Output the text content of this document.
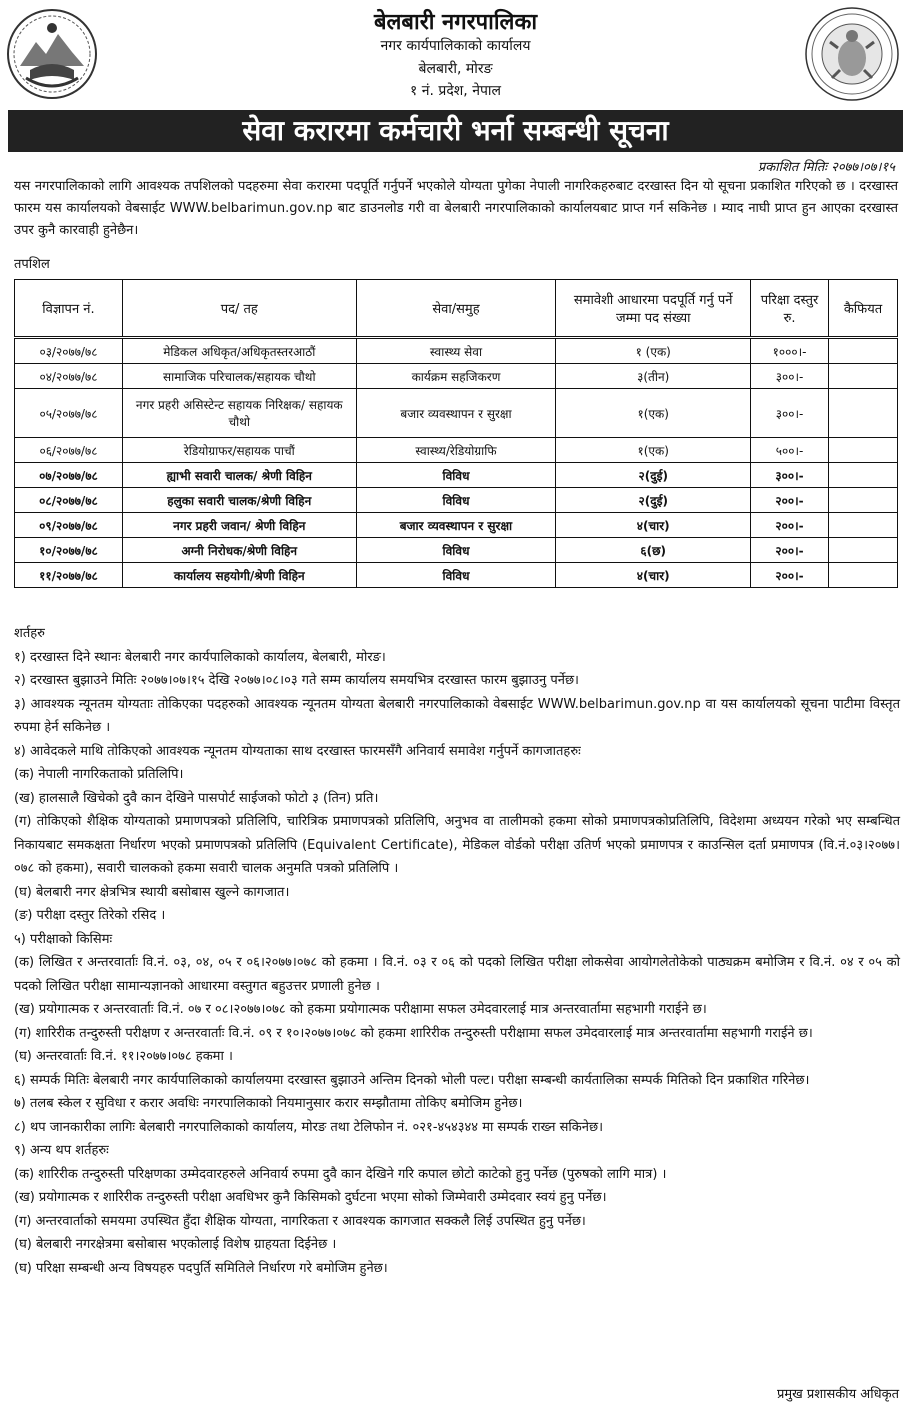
बेलबारी नगरपालिका
नगर कार्यपालिकाको कार्यालय
बेलबारी, मोरङ
१ नं. प्रदेश, नेपाल
सेवा करारमा कर्मचारी भर्ना सम्बन्धी सूचना
प्रकाशित मितिः २०७७।०७।१५
यस नगरपालिकाको लागि आवश्यक तपशिलको पदहरुमा सेवा करारमा पदपूर्ति गर्नुपर्ने भएकोले योग्यता पुगेका नेपाली नागरिकहरुबाट दरखास्त दिन यो सूचना प्रकाशित गरिएको छ । दरखास्त फारम यस कार्यालयको वेबसाईट WWW.belbarimun.gov.np बाट डाउनलोड गरी वा बेलबारी नगरपालिकाको कार्यालयबाट प्राप्त गर्न सकिनेछ । म्याद नाघी प्राप्त हुन आएका दरखास्त उपर कुनै कारवाही हुनेछैन।
तपशिल
विज्ञापन नं.	पद/ तह	सेवा/समुह	समावेशी आधारमा पदपूर्ति गर्नु पर्ने जम्मा पद संख्या	परिक्षा दस्तुर रु.	कैफियत
०३/२०७७/७८	मेडिकल अधिकृत/अधिकृतस्तरआठौं	स्वास्थ्य सेवा	१ (एक)	१०००।-	
०४/२०७७/७८	सामाजिक परिचालक/सहायक चौथो	कार्यक्रम सहजिकरण	३(तीन)	३००।-	
०५/२०७७/७८	नगर प्रहरी असिस्टेन्ट सहायक निरिक्षक/ सहायक चौथो	बजार व्यवस्थापन र सुरक्षा	१(एक)	३००।-	
०६/२०७७/७८	रेडियोग्राफर/सहायक पाचौं	स्वास्थ्य/रेडियोग्राफि	१(एक)	५००।-	
०७/२०७७/७८	ह्याभी सवारी चालक/ श्रेणी विहिन	विविध	२(दुई)	३००।-	
०८/२०७७/७८	हलुका सवारी चालक/श्रेणी विहिन	विविध	२(दुई)	२००।-	
०९/२०७७/७८	नगर प्रहरी जवान/ श्रेणी विहिन	बजार व्यवस्थापन र सुरक्षा	४(चार)	२००।-	
१०/२०७७/७८	अग्नी निरोधक/श्रेणी विहिन	विविध	६(छ)	२००।-	
११/२०७७/७८	कार्यालय सहयोगी/श्रेणी विहिन	विविध	४(चार)	२००।-	

शर्तहरु

१) दरखास्त दिने स्थानः बेलबारी नगर कार्यपालिकाको कार्यालय, बेलबारी, मोरङ।

२) दरखास्त बुझाउने मितिः २०७७।०७।१५ देखि २०७७।०८।०३ गते सम्म कार्यालय समयभित्र दरखास्त फारम बुझाउनु पर्नेछ।

३) आवश्यक न्यूनतम योग्यताः तोकिएका पदहरुको आवश्यक न्यूनतम योग्यता बेलबारी नगरपालिकाको वेबसाईट WWW.belbarimun.gov.np वा यस कार्यालयको सूचना पाटीमा विस्तृत रुपमा हेर्न सकिनेछ ।

४) आवेदकले माथि तोकिएको आवश्यक न्यूनतम योग्यताका साथ दरखास्त फारमसँगै अनिवार्य समावेश गर्नुपर्ने कागजातहरुः

(क) नेपाली नागरिकताको प्रतिलिपि।

(ख) हालसालै खिचेको दुवै कान देखिने पासपोर्ट साईजको फोटो ३ (तिन) प्रति।

(ग) तोकिएको शैक्षिक योग्यताको प्रमाणपत्रको प्रतिलिपि, चारित्रिक प्रमाणपत्रको प्रतिलिपि, अनुभव वा तालीमको हकमा सोको प्रमाणपत्रकोप्रतिलिपि, विदेशमा अध्ययन गरेको भए सम्बन्धित निकायबाट समकक्षता निर्धारण भएको प्रमाणपत्रको प्रतिलिपि (Equivalent Certificate), मेडिकल वोर्डको परीक्षा उतिर्ण भएको प्रमाणपत्र र काउन्सिल दर्ता प्रमाणपत्र (वि.नं.०३।२०७७।०७८ को हकमा), सवारी चालकको हकमा सवारी चालक अनुमति पत्रको प्रतिलिपि ।

(घ) बेलबारी नगर क्षेत्रभित्र स्थायी बसोबास खुल्ने कागजात।

(ङ) परीक्षा दस्तुर तिरेको रसिद ।

५) परीक्षाको किसिमः

(क) लिखित र अन्तरवार्ताः वि.नं. ०३, ०४, ०५ र ०६।२०७७।०७८ को हकमा । वि.नं. ०३ र ०६ को पदको लिखित परीक्षा लोकसेवा आयोगलेतोकेको पाठ्यक्रम बमोजिम र वि.नं. ०४ र ०५ को पदको लिखित परीक्षा सामान्यज्ञानको आधारमा वस्तुगत बहुउत्तर प्रणाली हुनेछ ।

(ख) प्रयोगात्मक र अन्तरवार्ताः वि.नं. ०७ र ०८।२०७७।०७८ को हकमा प्रयोगात्मक परीक्षामा सफल उमेदवारलाई मात्र अन्तरवार्तामा सहभागी गराईने छ।

(ग) शारिरीक तन्दुरुस्ती परीक्षण र अन्तरवार्ताः वि.नं. ०९ र १०।२०७७।०७८ को हकमा शारिरीक तन्दुरुस्ती परीक्षामा सफल उमेदवारलाई मात्र अन्तरवार्तामा सहभागी गराईने छ।

(घ) अन्तरवार्ताः वि.नं. ११।२०७७।०७८ हकमा ।

६) सम्पर्क मितिः बेलबारी नगर कार्यपालिकाको कार्यालयमा दरखास्त बुझाउने अन्तिम दिनको भोली पल्ट। परीक्षा सम्बन्धी कार्यतालिका सम्पर्क मितिको दिन प्रकाशित गरिनेछ।

७) तलब स्केल र सुविधा र करार अवधिः नगरपालिकाको नियमानुसार करार सम्झौतामा तोकिए बमोजिम हुनेछ।

८) थप जानकारीका लागिः बेलबारी नगरपालिकाको कार्यालय, मोरङ तथा टेलिफोन नं. ०२१-४५४३४४ मा सम्पर्क राख्न सकिनेछ।

९) अन्य थप शर्तहरुः

(क) शारिरीक तन्दुरुस्ती परिक्षणका उम्मेदवारहरुले अनिवार्य रुपमा दुवै कान देखिने गरि कपाल छोटो काटेको हुनु पर्नेछ (पुरुषको लागि मात्र) ।

(ख) प्रयोगात्मक र शारिरीक तन्दुरुस्ती परीक्षा अवधिभर कुनै किसिमको दुर्घटना भएमा सोको जिम्मेवारी उम्मेदवार स्वयं हुनु पर्नेछ।

(ग) अन्तरवार्ताको समयमा उपस्थित हुँदा शैक्षिक योग्यता, नागरिकता र आवश्यक कागजात सक्कलै लिई उपस्थित हुनु पर्नेछ।

(घ) बेलबारी नगरक्षेत्रमा बसोबास भएकोलाई विशेष ग्राहयता दिईनेछ ।

(घ) परिक्षा सम्बन्धी अन्य विषयहरु पदपुर्ति समितिले निर्धारण गरे बमोजिम हुनेछ।

प्रमुख प्रशासकीय अधिकृत
